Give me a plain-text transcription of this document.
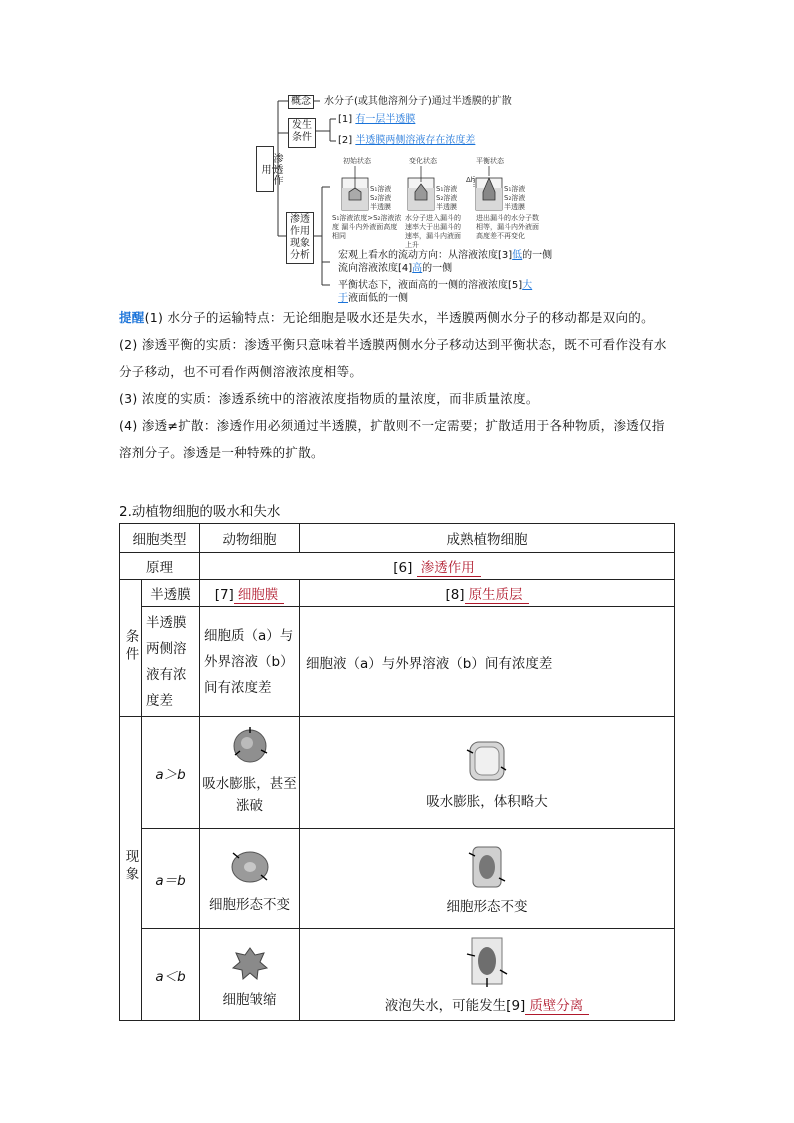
渗透作用
概念	水分子(或其他溶剂分子)通过半透膜的扩散
发生条件
[1] 有一层半透膜
[2] 半透膜两侧溶液存在浓度差
渗透作用现象分析
初始状态	变化状态	平衡状态
Δh
S₁溶液
S₂溶液
半透膜
S₁溶液
S₂溶液
半透膜
S₁溶液
S₂溶液
半透膜
S₁溶液浓度>S₂溶液浓度 漏斗内外液面高度相同
水分子进入漏斗的速率大于出漏斗的速率，漏斗内液面上升
进出漏斗的水分子数相等，漏斗内外液面高度差不再变化
宏观上看水的流动方向：从溶液浓度[3]低的一侧流向溶液浓度[4]高的一侧
平衡状态下，液面高的一侧的溶液浓度[5]大于液面低的一侧
提醒(1) 水分子的运输特点：无论细胞是吸水还是失水，半透膜两侧水分子的移动都是双向的。
(2) 渗透平衡的实质：渗透平衡只意味着半透膜两侧水分子移动达到平衡状态，既不可看作没有水分子移动，也不可看作两侧溶液浓度相等。
(3) 浓度的实质：渗透系统中的溶液浓度指物质的量浓度，而非质量浓度。
(4) 渗透≠扩散：渗透作用必须通过半透膜，扩散则不一定需要；扩散适用于各种物质，渗透仅指溶剂分子。渗透是一种特殊的扩散。
2.动植物细胞的吸水和失水
细胞类型		动物细胞	成熟植物细胞
原理		[6] 渗透作用	
条件	半透膜	[7] 细胞膜	[8] 原生质层
	半透膜两侧溶液有浓度差	细胞质（a）与外界溶液（b）间有浓度差	细胞液（a）与外界溶液（b）间有浓度差
现象	a＞b	吸水膨胀，甚至涨破	吸水膨胀，体积略大

	a＝b	细胞形态不变	细胞形态不变

	a＜b	细胞皱缩	液泡失水，可能发生[9] 质壁分离
